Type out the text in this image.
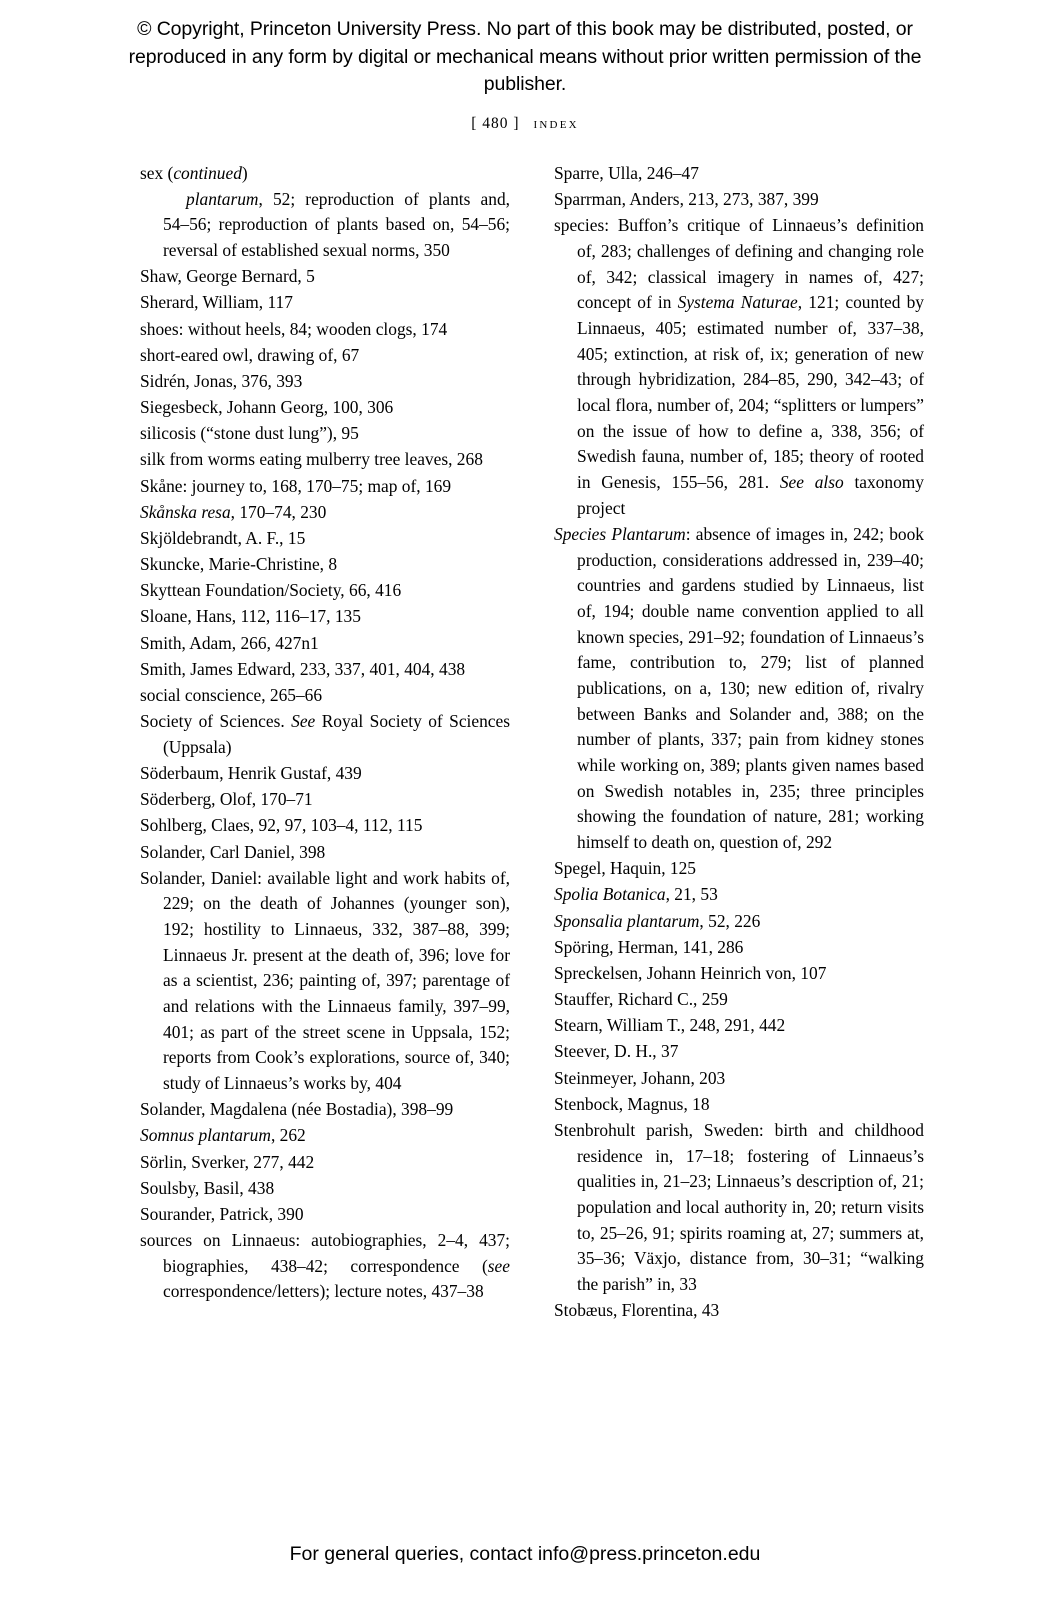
© Copyright, Princeton University Press. No part of this book may be distributed, posted, or reproduced in any form by digital or mechanical means without prior written permission of the publisher.
[ 480 ] index

sex (continued)
plantarum, 52; reproduction of plants and, 54–56; reproduction of plants based on, 54–56; reversal of established sexual norms, 350

Shaw, George Bernard, 5

Sherard, William, 117

shoes: without heels, 84; wooden clogs, 174

short-eared owl, drawing of, 67

Sidrén, Jonas, 376, 393

Siegesbeck, Johann Georg, 100, 306

silicosis (“stone dust lung”), 95

silk from worms eating mulberry tree leaves, 268

Skåne: journey to, 168, 170–75; map of, 169

Skånska resa, 170–74, 230

Skjöldebrandt, A. F., 15

Skuncke, Marie-Christine, 8

Skyttean Foundation/Society, 66, 416

Sloane, Hans, 112, 116–17, 135

Smith, Adam, 266, 427n1

Smith, James Edward, 233, 337, 401, 404, 438

social conscience, 265–66

Society of Sciences. See Royal Society of Sciences (Uppsala)

Söderbaum, Henrik Gustaf, 439

Söderberg, Olof, 170–71

Sohlberg, Claes, 92, 97, 103–4, 112, 115

Solander, Carl Daniel, 398

Solander, Daniel: available light and work habits of, 229; on the death of Johannes (younger son), 192; hostility to Linnaeus, 332, 387–88, 399; Linnaeus Jr. present at the death of, 396; love for as a scientist, 236; painting of, 397; parentage of and relations with the Linnaeus family, 397–99, 401; as part of the street scene in Uppsala, 152; reports from Cook’s explorations, source of, 340; study of Linnaeus’s works by, 404

Solander, Magdalena (née Bostadia), 398–99

Somnus plantarum, 262

Sörlin, Sverker, 277, 442

Soulsby, Basil, 438

Sourander, Patrick, 390

sources on Linnaeus: autobiographies, 2–4, 437; biographies, 438–42; correspondence (see correspondence/letters); lecture notes, 437–38

Sparre, Ulla, 246–47

Sparrman, Anders, 213, 273, 387, 399

species: Buffon’s critique of Linnaeus’s definition of, 283; challenges of defining and changing role of, 342; classical imagery in names of, 427; concept of in Systema Naturae, 121; counted by Linnaeus, 405; estimated number of, 337–38, 405; extinction, at risk of, ix; generation of new through hybridization, 284–85, 290, 342–43; of local flora, number of, 204; “splitters or lumpers” on the issue of how to define a, 338, 356; of Swedish fauna, number of, 185; theory of rooted in Genesis, 155–56, 281. See also taxonomy project

Species Plantarum: absence of images in, 242; book production, considerations addressed in, 239–40; countries and gardens studied by Linnaeus, list of, 194; double name convention applied to all known species, 291–92; foundation of Linnaeus’s fame, contribution to, 279; list of planned publications, on a, 130; new edition of, rivalry between Banks and Solander and, 388; on the number of plants, 337; pain from kidney stones while working on, 389; plants given names based on Swedish notables in, 235; three principles showing the foundation of nature, 281; working himself to death on, question of, 292

Spegel, Haquin, 125

Spolia Botanica, 21, 53

Sponsalia plantarum, 52, 226

Spöring, Herman, 141, 286

Spreckelsen, Johann Heinrich von, 107

Stauffer, Richard C., 259

Stearn, William T., 248, 291, 442

Steever, D. H., 37

Steinmeyer, Johann, 203

Stenbock, Magnus, 18

Stenbrohult parish, Sweden: birth and childhood residence in, 17–18; fostering of Linnaeus’s qualities in, 21–23; Linnaeus’s description of, 21; population and local authority in, 20; return visits to, 25–26, 91; spirits roaming at, 27; summers at, 35–36; Växjo, distance from, 30–31; “walking the parish” in, 33

Stobæus, Florentina, 43

For general queries, contact info@press.princeton.edu
